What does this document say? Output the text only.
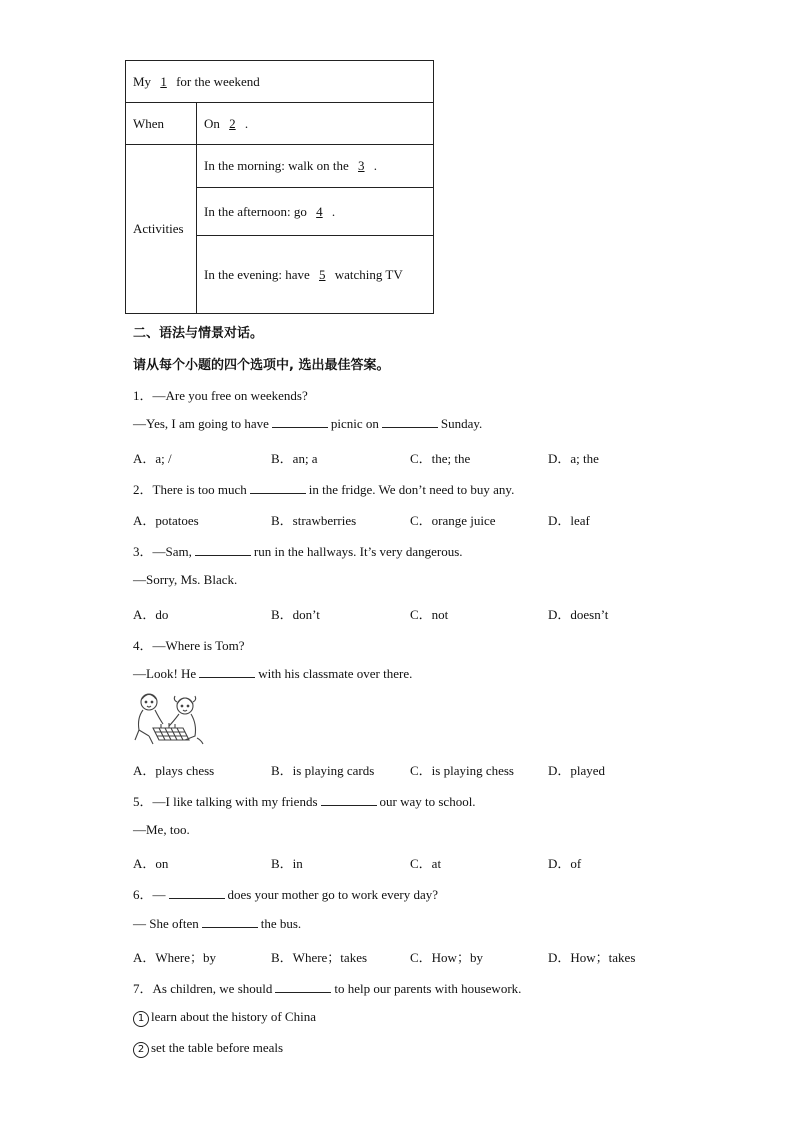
My 1 for the weekend	
When	On 2 .
Activities	In the morning: walk on the 3 .
	In the afternoon: go 4 .
	In the evening: have 5 watching TV
二、语法与情景对话。
请从每个小题的四个选项中, 选出最佳答案。
1．—Are you free on weekends?
—Yes, I am going to have	picnic on	Sunday.
A．a; /	B．an; a	C．the; the	D．a; the
2．There is too much	in the fridge. We don’t need to buy any.
A．potatoes	B．strawberries	C．orange juice	D．leaf
3．—Sam,	run in the hallways. It’s very dangerous.
—Sorry, Ms. Black.
A．do	B．don’t	C．not	D．doesn’t
4．—Where is Tom?
—Look! He	with his classmate over there.
A．plays chess	B．is playing cards	C．is playing chess	D．played
5．—I like talking with my friends	our way to school.
—Me, too.
A．on	B．in	C．at	D．of
6．—	does your mother go to work every day?
— She often	the bus.
A．Where；by	B．Where；takes	C．How；by	D．How；takes
7．As children, we should	to help our parents with housework.
1 learn about the history of China
2 set the table before meals
